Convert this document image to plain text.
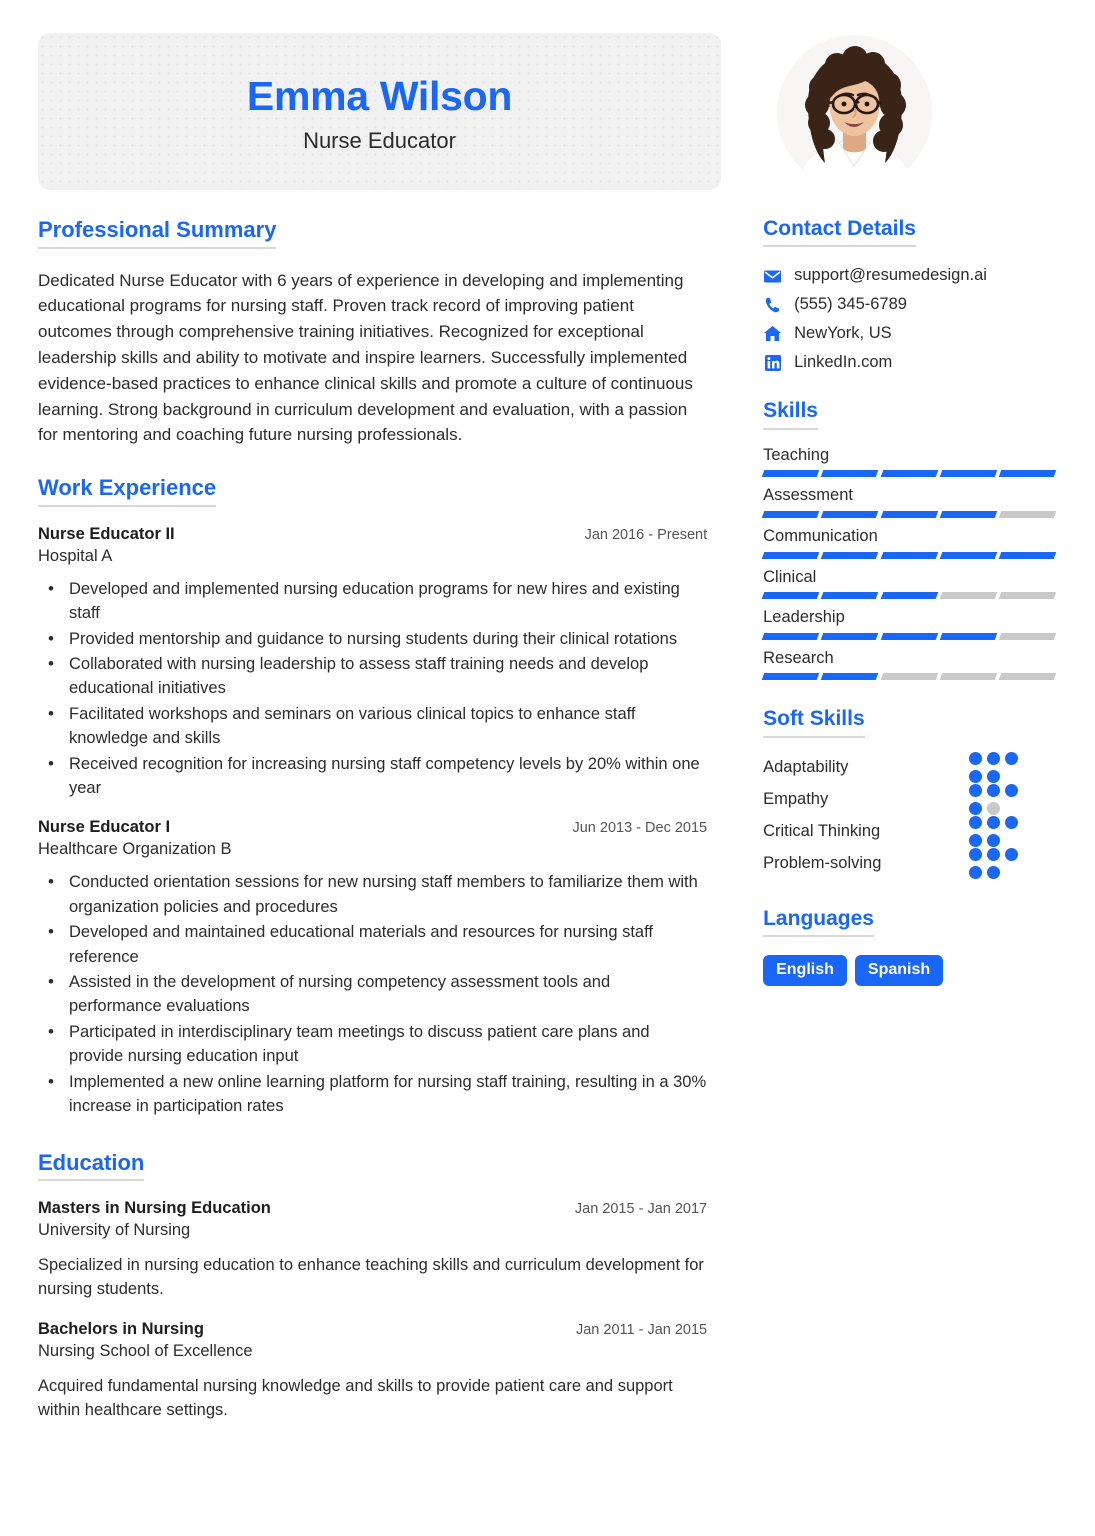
Emma Wilson
Nurse Educator
Professional Summary

Dedicated Nurse Educator with 6 years of experience in developing and implementing educational programs for nursing staff. Proven track record of improving patient outcomes through comprehensive training initiatives. Recognized for exceptional leadership skills and ability to motivate and inspire learners. Successfully implemented evidence-based practices to enhance clinical skills and promote a culture of continuous learning. Strong background in curriculum development and evaluation, with a passion for mentoring and coaching future nursing professionals.

Work Experience
Nurse Educator II	Jan 2016 - Present
Hospital A
• Developed and implemented nursing education programs for new hires and existing staff
• Provided mentorship and guidance to nursing students during their clinical rotations
• Collaborated with nursing leadership to assess staff training needs and develop educational initiatives
• Facilitated workshops and seminars on various clinical topics to enhance staff knowledge and skills
• Received recognition for increasing nursing staff competency levels by 20% within one year
Nurse Educator I	Jun 2013 - Dec 2015
Healthcare Organization B
• Conducted orientation sessions for new nursing staff members to familiarize them with organization policies and procedures
• Developed and maintained educational materials and resources for nursing staff reference
• Assisted in the development of nursing competency assessment tools and performance evaluations
• Participated in interdisciplinary team meetings to discuss patient care plans and provide nursing education input
• Implemented a new online learning platform for nursing staff training, resulting in a 30% increase in participation rates
Education
Masters in Nursing Education	Jan 2015 - Jan 2017
University of Nursing

Specialized in nursing education to enhance teaching skills and curriculum development for nursing students.

Bachelors in Nursing	Jan 2011 - Jan 2015
Nursing School of Excellence

Acquired fundamental nursing knowledge and skills to provide patient care and support within healthcare settings.

Contact Details
support@resumedesign.ai
(555) 345-6789
NewYork, US
LinkedIn.com
Skills
Teaching
Assessment
Communication
Clinical
Leadership
Research
Soft Skills
Adaptability
Empathy
Critical Thinking
Problem-solving
Languages
English	Spanish
